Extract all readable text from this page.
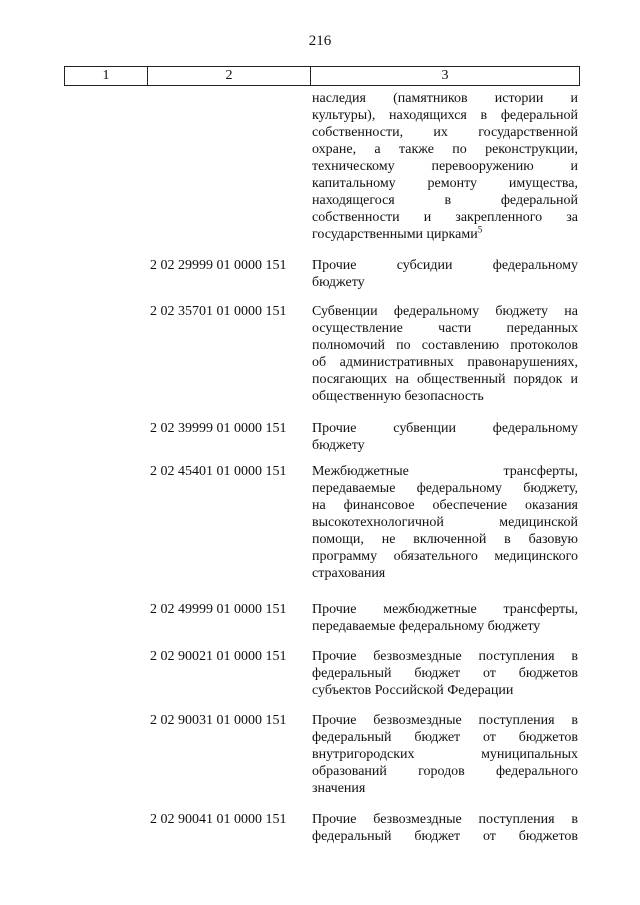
216
1	2	3
наследия (памятников истории и
культуры), находящихся в федеральной
собственности, их государственной
охране, а также по реконструкции,
техническому перевооружению и
капитальному ремонту имущества,
находящегося в федеральной
собственности и закрепленного за
государственными цирками$^5$
2 02 29999 01 0000 151	Прочие субсидии федеральному
бюджету
2 02 35701 01 0000 151	Субвенции федеральному бюджету на
осуществление части переданных
полномочий по составлению протоколов
об административных правонарушениях,
посягающих на общественный порядок и
общественную безопасность
2 02 39999 01 0000 151	Прочие субвенции федеральному
бюджету
2 02 45401 01 0000 151	Межбюджетные трансферты,
передаваемые федеральному бюджету,
на финансовое обеспечение оказания
высокотехнологичной медицинской
помощи, не включенной в базовую
программу обязательного медицинского
страхования
2 02 49999 01 0000 151	Прочие межбюджетные трансферты,
передаваемые федеральному бюджету
2 02 90021 01 0000 151	Прочие безвозмездные поступления в
федеральный бюджет от бюджетов
субъектов Российской Федерации
2 02 90031 01 0000 151	Прочие безвозмездные поступления в
федеральный бюджет от бюджетов
внутригородских муниципальных
образований городов федерального
значения
2 02 90041 01 0000 151	Прочие безвозмездные поступления в
федеральный бюджет от бюджетов
